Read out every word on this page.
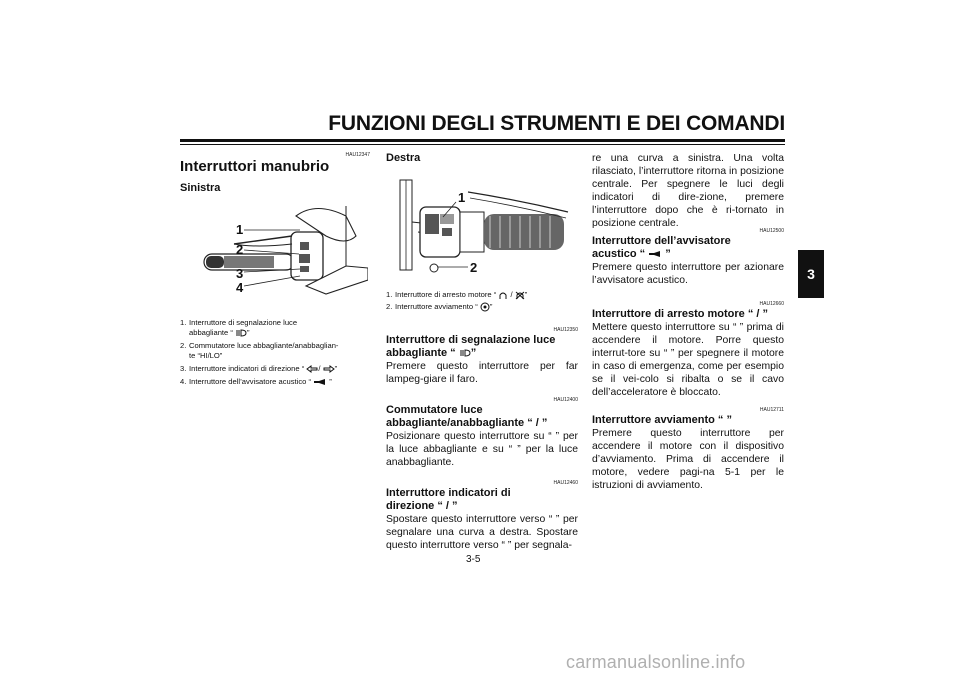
FUNZIONI DEGLI STRUMENTI E DEI COMANDI
3
HAU12347
Interruttori manubrio
Sinistra
1
2
3
4
1. Interruttore di segnalazione luce
abbagliante “ ”
2. Commutatore luce abbagliante/anabbaglian-
te “HI/LO”
3. Interruttore indicatori di direzione “ / ”
4. Interruttore dell’avvisatore acustico “  ”
Destra
1
2
1. Interruttore di arresto motore “  / ”
2. Interruttore avviamento “ ”
HAU12350
Interruttore di segnalazione luce
abbagliante “ ”
Premere questo interruttore per far lampeg-giare il faro.
HAU12400
Commutatore luce
abbagliante/anabbagliante “ / ”
Posizionare questo interruttore su “ ” per la luce abbagliante e su “ ” per la luce anabbagliante.
HAU12460
Interruttore indicatori di
direzione “ / ”
Spostare questo interruttore verso “ ” per segnalare una curva a destra. Spostare questo interruttore verso “ ” per segnala-
3-5
re una curva a sinistra. Una volta rilasciato, l’interruttore ritorna in posizione centrale. Per spegnere le luci degli indicatori di dire-zione, premere l’interruttore dopo che è ri-tornato in posizione centrale.
HAU12500
Interruttore dell’avvisatore
acustico “  ”
Premere questo interruttore per azionare l’avvisatore acustico.
HAU12660
Interruttore di arresto motore “ / ”
Mettere questo interruttore su “ ” prima di accendere il motore. Porre questo interrut-tore su “ ” per spegnere il motore in caso di emergenza, come per esempio se il vei-colo si ribalta o se il cavo dell’acceleratore è bloccato.
HAU12711
Interruttore avviamento “ ”
Premere questo interruttore per accendere il motore con il dispositivo d’avviamento. Prima di accendere il motore, vedere pagi-na 5-1 per le istruzioni di avviamento.
carmanualsonline.info
